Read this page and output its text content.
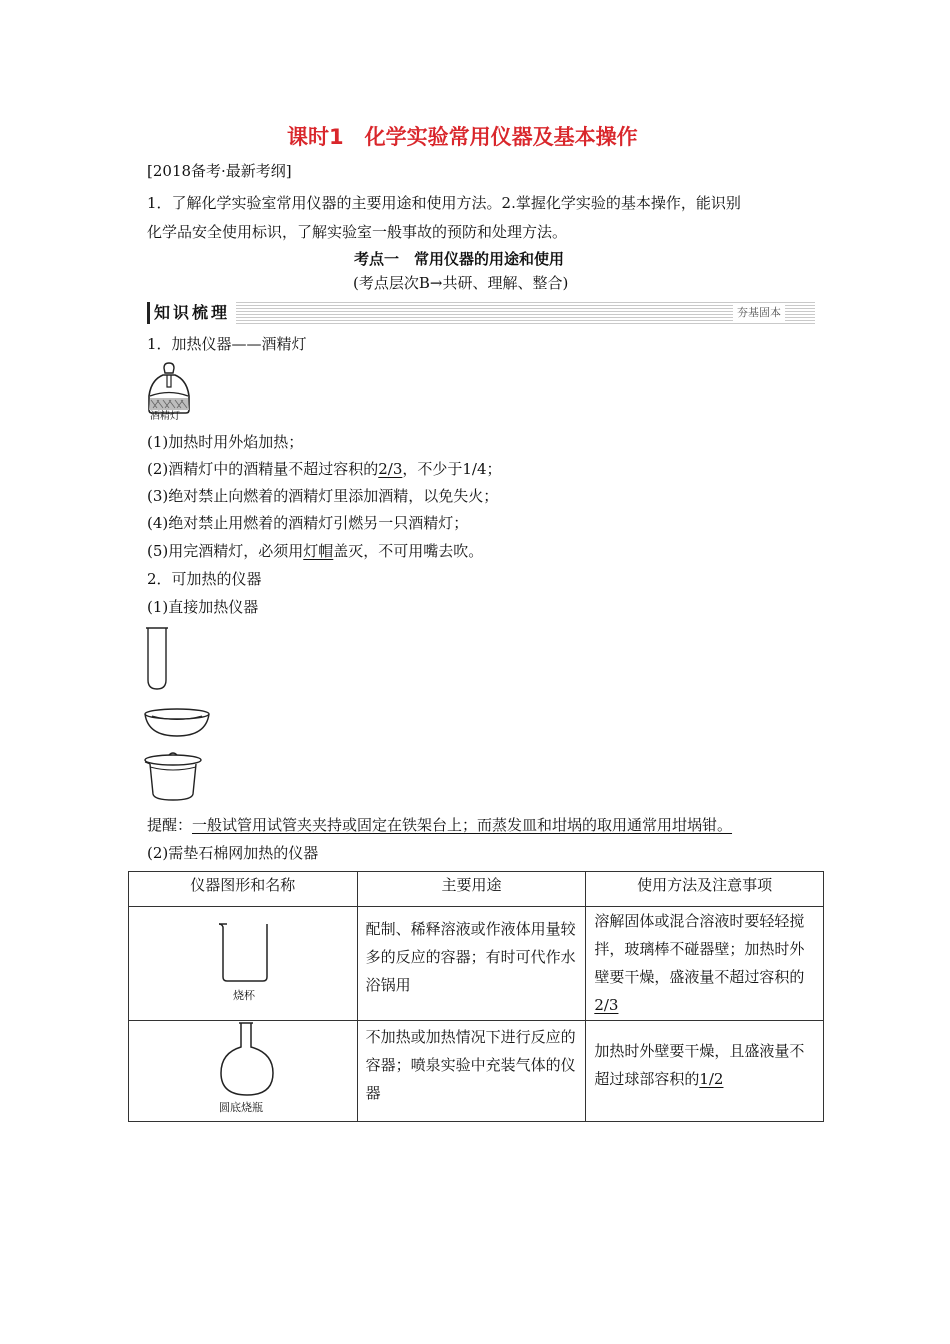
课时1　化学实验常用仪器及基本操作
[2018备考·最新考纲]
1．了解化学实验室常用仪器的主要用途和使用方法。2.掌握化学实验的基本操作，能识别
化学品安全使用标识，了解实验室一般事故的预防和处理方法。
考点一　常用仪器的用途和使用
(考点层次B→共研、理解、整合)
知识梳理	夯基固本
1．加热仪器——酒精灯
酒精灯
(1)加热时用外焰加热；
(2)酒精灯中的酒精量不超过容积的2/3，不少于1/4；
(3)绝对禁止向燃着的酒精灯里添加酒精，以免失火；
(4)绝对禁止用燃着的酒精灯引燃另一只酒精灯；
(5)用完酒精灯，必须用灯帽盖灭，不可用嘴去吹。
2．可加热的仪器
(1)直接加热仪器
提醒：一般试管用试管夹夹持或固定在铁架台上；而蒸发皿和坩埚的取用通常用坩埚钳。
(2)需垫石棉网加热的仪器
仪器图形和名称	主要用途	使用方法及注意事项

烧杯	配制、稀释溶液或作液体用量较多的反应的容器；有时可代作水浴锅用	溶解固体或混合溶液时要轻轻搅拌，玻璃棒不碰器壁；加热时外壁要干燥，盛液量不超过容积的2/3

圆底烧瓶	不加热或加热情况下进行反应的容器；喷泉实验中充装气体的仪器	加热时外壁要干燥，且盛液量不超过球部容积的1/2
